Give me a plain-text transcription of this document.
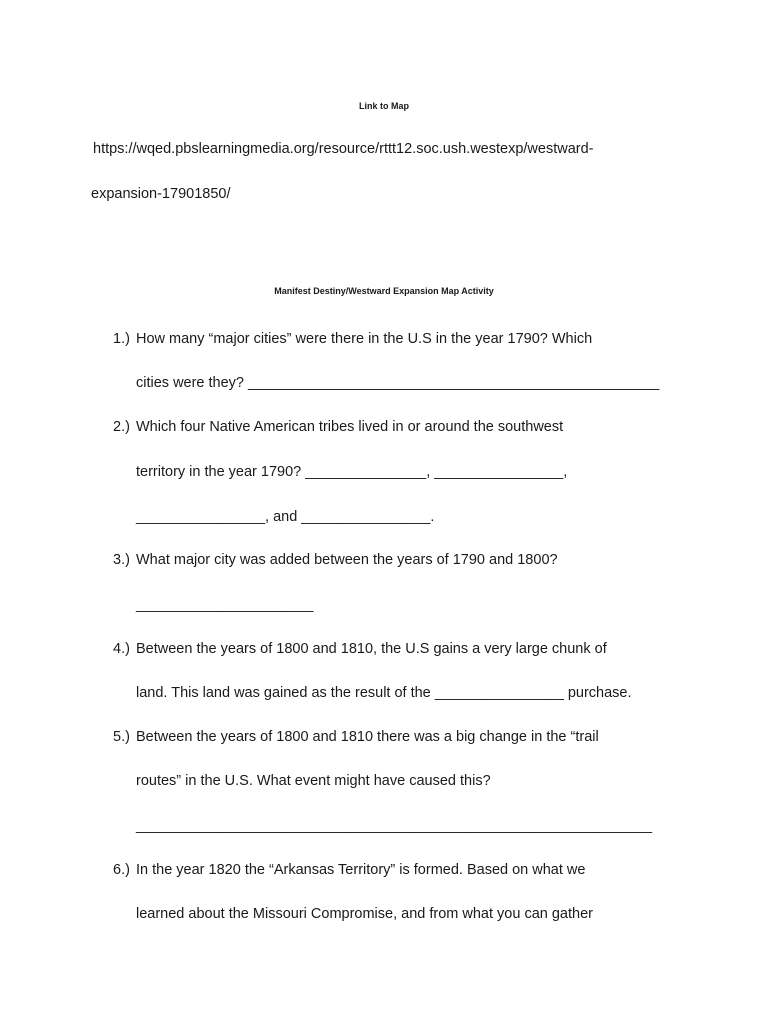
Link to Map
https://wqed.pbslearningmedia.org/resource/rttt12.soc.ush.westexp/westward-
expansion-17901850/
Manifest Destiny/Westward Expansion Map Activity
1.) How many “major cities” were there in the U.S in the year 1790? Which
cities were they? ___________________________________________________
2.) Which four Native American tribes lived in or around the southwest
territory in the year 1790? _______________, ________________,
________________, and ________________.
3.) What major city was added between the years of 1790 and 1800?
______________________
4.) Between the years of 1800 and 1810, the U.S gains a very large chunk of
land. This land was gained as the result of the ________________ purchase.
5.) Between the years of 1800 and 1810 there was a big change in the “trail
routes” in the U.S. What event might have caused this?
________________________________________________________________
6.) In the year 1820 the “Arkansas Territory” is formed. Based on what we
learned about the Missouri Compromise, and from what you can gather
